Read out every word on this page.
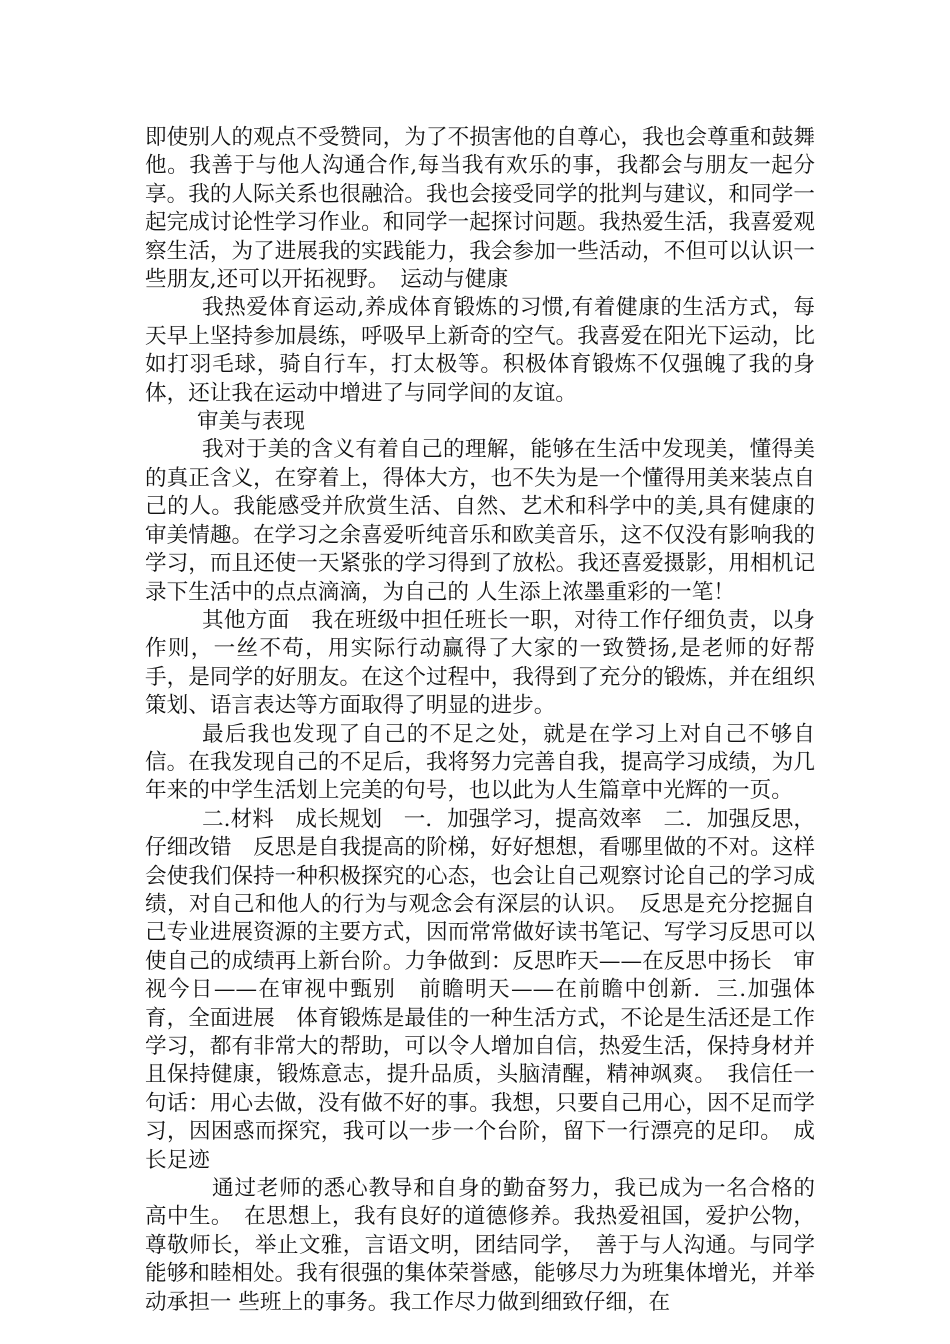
即使别人的观点不受赞同，为了不损害他的自尊心，我也会尊重和鼓舞他。我善于与他人沟通合作,每当我有欢乐的事，我都会与朋友一起分享。我的人际关系也很融洽。我也会接受同学的批判与建议，和同学一起完成讨论性学习作业。和同学一起探讨问题。我热爱生活，我喜爱观察生活，为了进展我的实践能力，我会参加一些活动，不但可以认识一些朋友,还可以开拓视野。　运动与健康

我热爱体育运动,养成体育锻炼的习惯,有着健康的生活方式，每天早上坚持参加晨练，呼吸早上新奇的空气。我喜爱在阳光下运动，比如打羽毛球，骑自行车，打太极等。积极体育锻炼不仅强魄了我的身体，还让我在运动中增进了与同学间的友谊。

审美与表现

我对于美的含义有着自己的理解，能够在生活中发现美，懂得美的真正含义，在穿着上，得体大方，也不失为是一个懂得用美来装点自己的人。我能感受并欣赏生活、自然、艺术和科学中的美,具有健康的审美情趣。在学习之余喜爱听纯音乐和欧美音乐，这不仅没有影响我的学习，而且还使一天紧张的学习得到了放松。我还喜爱摄影，用相机记录下生活中的点点滴滴，为自己的 人生添上浓墨重彩的一笔！

其他方面　我在班级中担任班长一职，对待工作仔细负责，以身作则，一丝不苟，用实际行动赢得了大家的一致赞扬,是老师的好帮手，是同学的好朋友。在这个过程中，我得到了充分的锻炼，并在组织策划、语言表达等方面取得了明显的进步。

最后我也发现了自己的不足之处，就是在学习上对自己不够自信。在我发现自己的不足后，我将努力完善自我，提高学习成绩，为几年来的中学生活划上完美的句号，也以此为人生篇章中光辉的一页。

二.材料　成长规划　一．加强学习，提高效率　二．加强反思，仔细改错　反思是自我提高的阶梯，好好想想，看哪里做的不对。这样会使我们保持一种积极探究的心态，也会让自己观察讨论自己的学习成绩，对自己和他人的行为与观念会有深层的认识。　反思是充分挖掘自己专业进展资源的主要方式，因而常常做好读书笔记、写学习反思可以使自己的成绩再上新台阶。力争做到：反思昨天——在反思中扬长　审视今日——在审视中甄别　前瞻明天——在前瞻中创新．三.加强体育，全面进展　体育锻炼是最佳的一种生活方式，不论是生活还是工作学习，都有非常大的帮助，可以令人增加自信，热爱生活，保持身材并且保持健康，锻炼意志，提升品质，头脑清醒，精神飒爽。　我信任一句话：用心去做，没有做不好的事。我想，只要自己用心，因不足而学习，因困惑而探究，我可以一步一个台阶，留下一行漂亮的足印。　成长足迹

通过老师的悉心教导和自身的勤奋努力，我已成为一名合格的高中生。　在思想上，我有良好的道德修养。我热爱祖国，爱护公物，尊敬师长，举止文雅，言语文明，团结同学，　善于与人沟通。与同学能够和睦相处。我有很强的集体荣誉感，能够尽力为班集体增光，并举动承担一 些班上的事务。我工作尽力做到细致仔细，在
